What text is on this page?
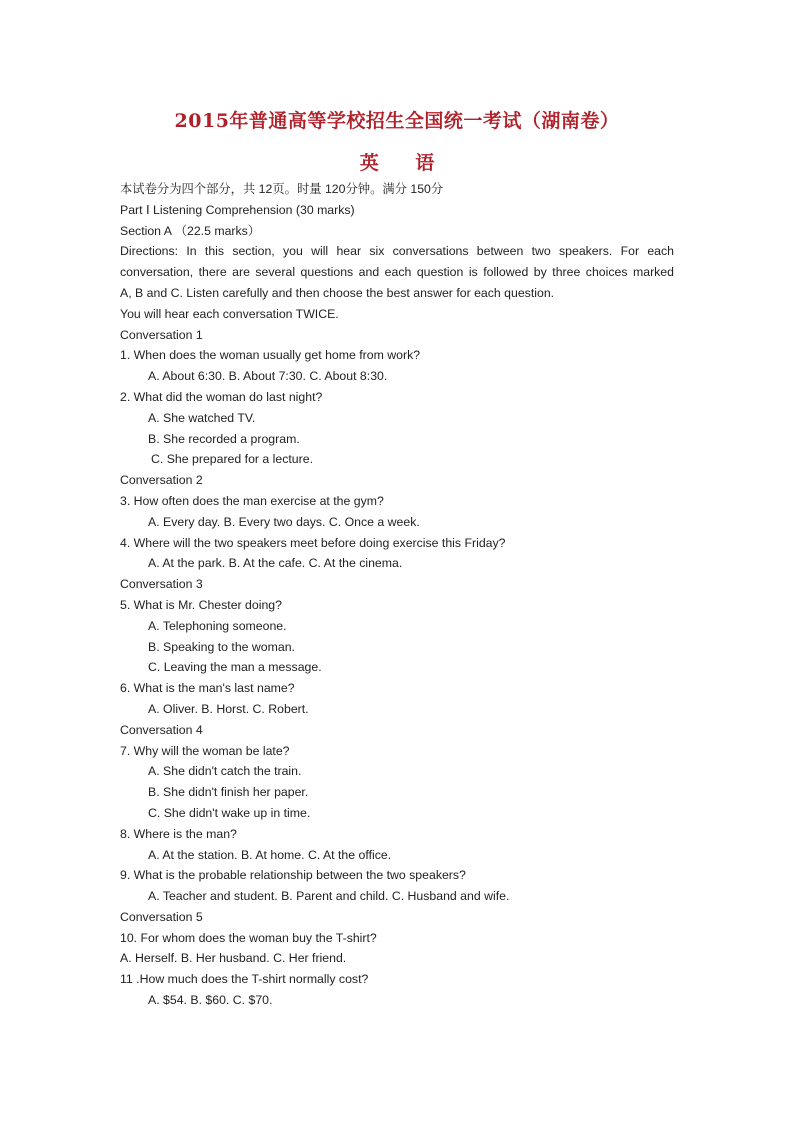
2015年普通高等学校招生全国统一考试（湖南卷）
英 语
本试卷分为四个部分，共 12页。时量 120分钟。满分 150分
Part Ⅰ Listening Comprehension (30 marks)
Section A （22.5 marks）
Directions: In this section, you will hear six conversations between two speakers. For each
conversation, there are several questions and each question is followed by three choices marked
A, B and C. Listen carefully and then choose the best answer for each question.
You will hear each conversation TWICE.
Conversation 1
1. When does the woman usually get home from work?
A. About 6:30. B. About 7:30. C. About 8:30.
2. What did the woman do last night?
A. She watched TV.
B. She recorded a program.
C. She prepared for a lecture.
Conversation 2
3. How often does the man exercise at the gym?
A. Every day. B. Every two days. C. Once a week.
4. Where will the two speakers meet before doing exercise this Friday?
A. At the park. B. At the cafe. C. At the cinema.
Conversation 3
5. What is Mr. Chester doing?
A. Telephoning someone.
B. Speaking to the woman.
C. Leaving the man a message.
6. What is the man's last name?
A. Oliver. B. Horst. C. Robert.
Conversation 4
7. Why will the woman be late?
A. She didn't catch the train.
B. She didn't finish her paper.
C. She didn't wake up in time.
8. Where is the man?
A. At the station. B. At home. C. At the office.
9. What is the probable relationship between the two speakers?
A. Teacher and student. B. Parent and child. C. Husband and wife.
Conversation 5
10. For whom does the woman buy the T-shirt?
A. Herself. B. Her husband. C. Her friend.
11 .How much does the T-shirt normally cost?
A. $54. B. $60. C. $70.
